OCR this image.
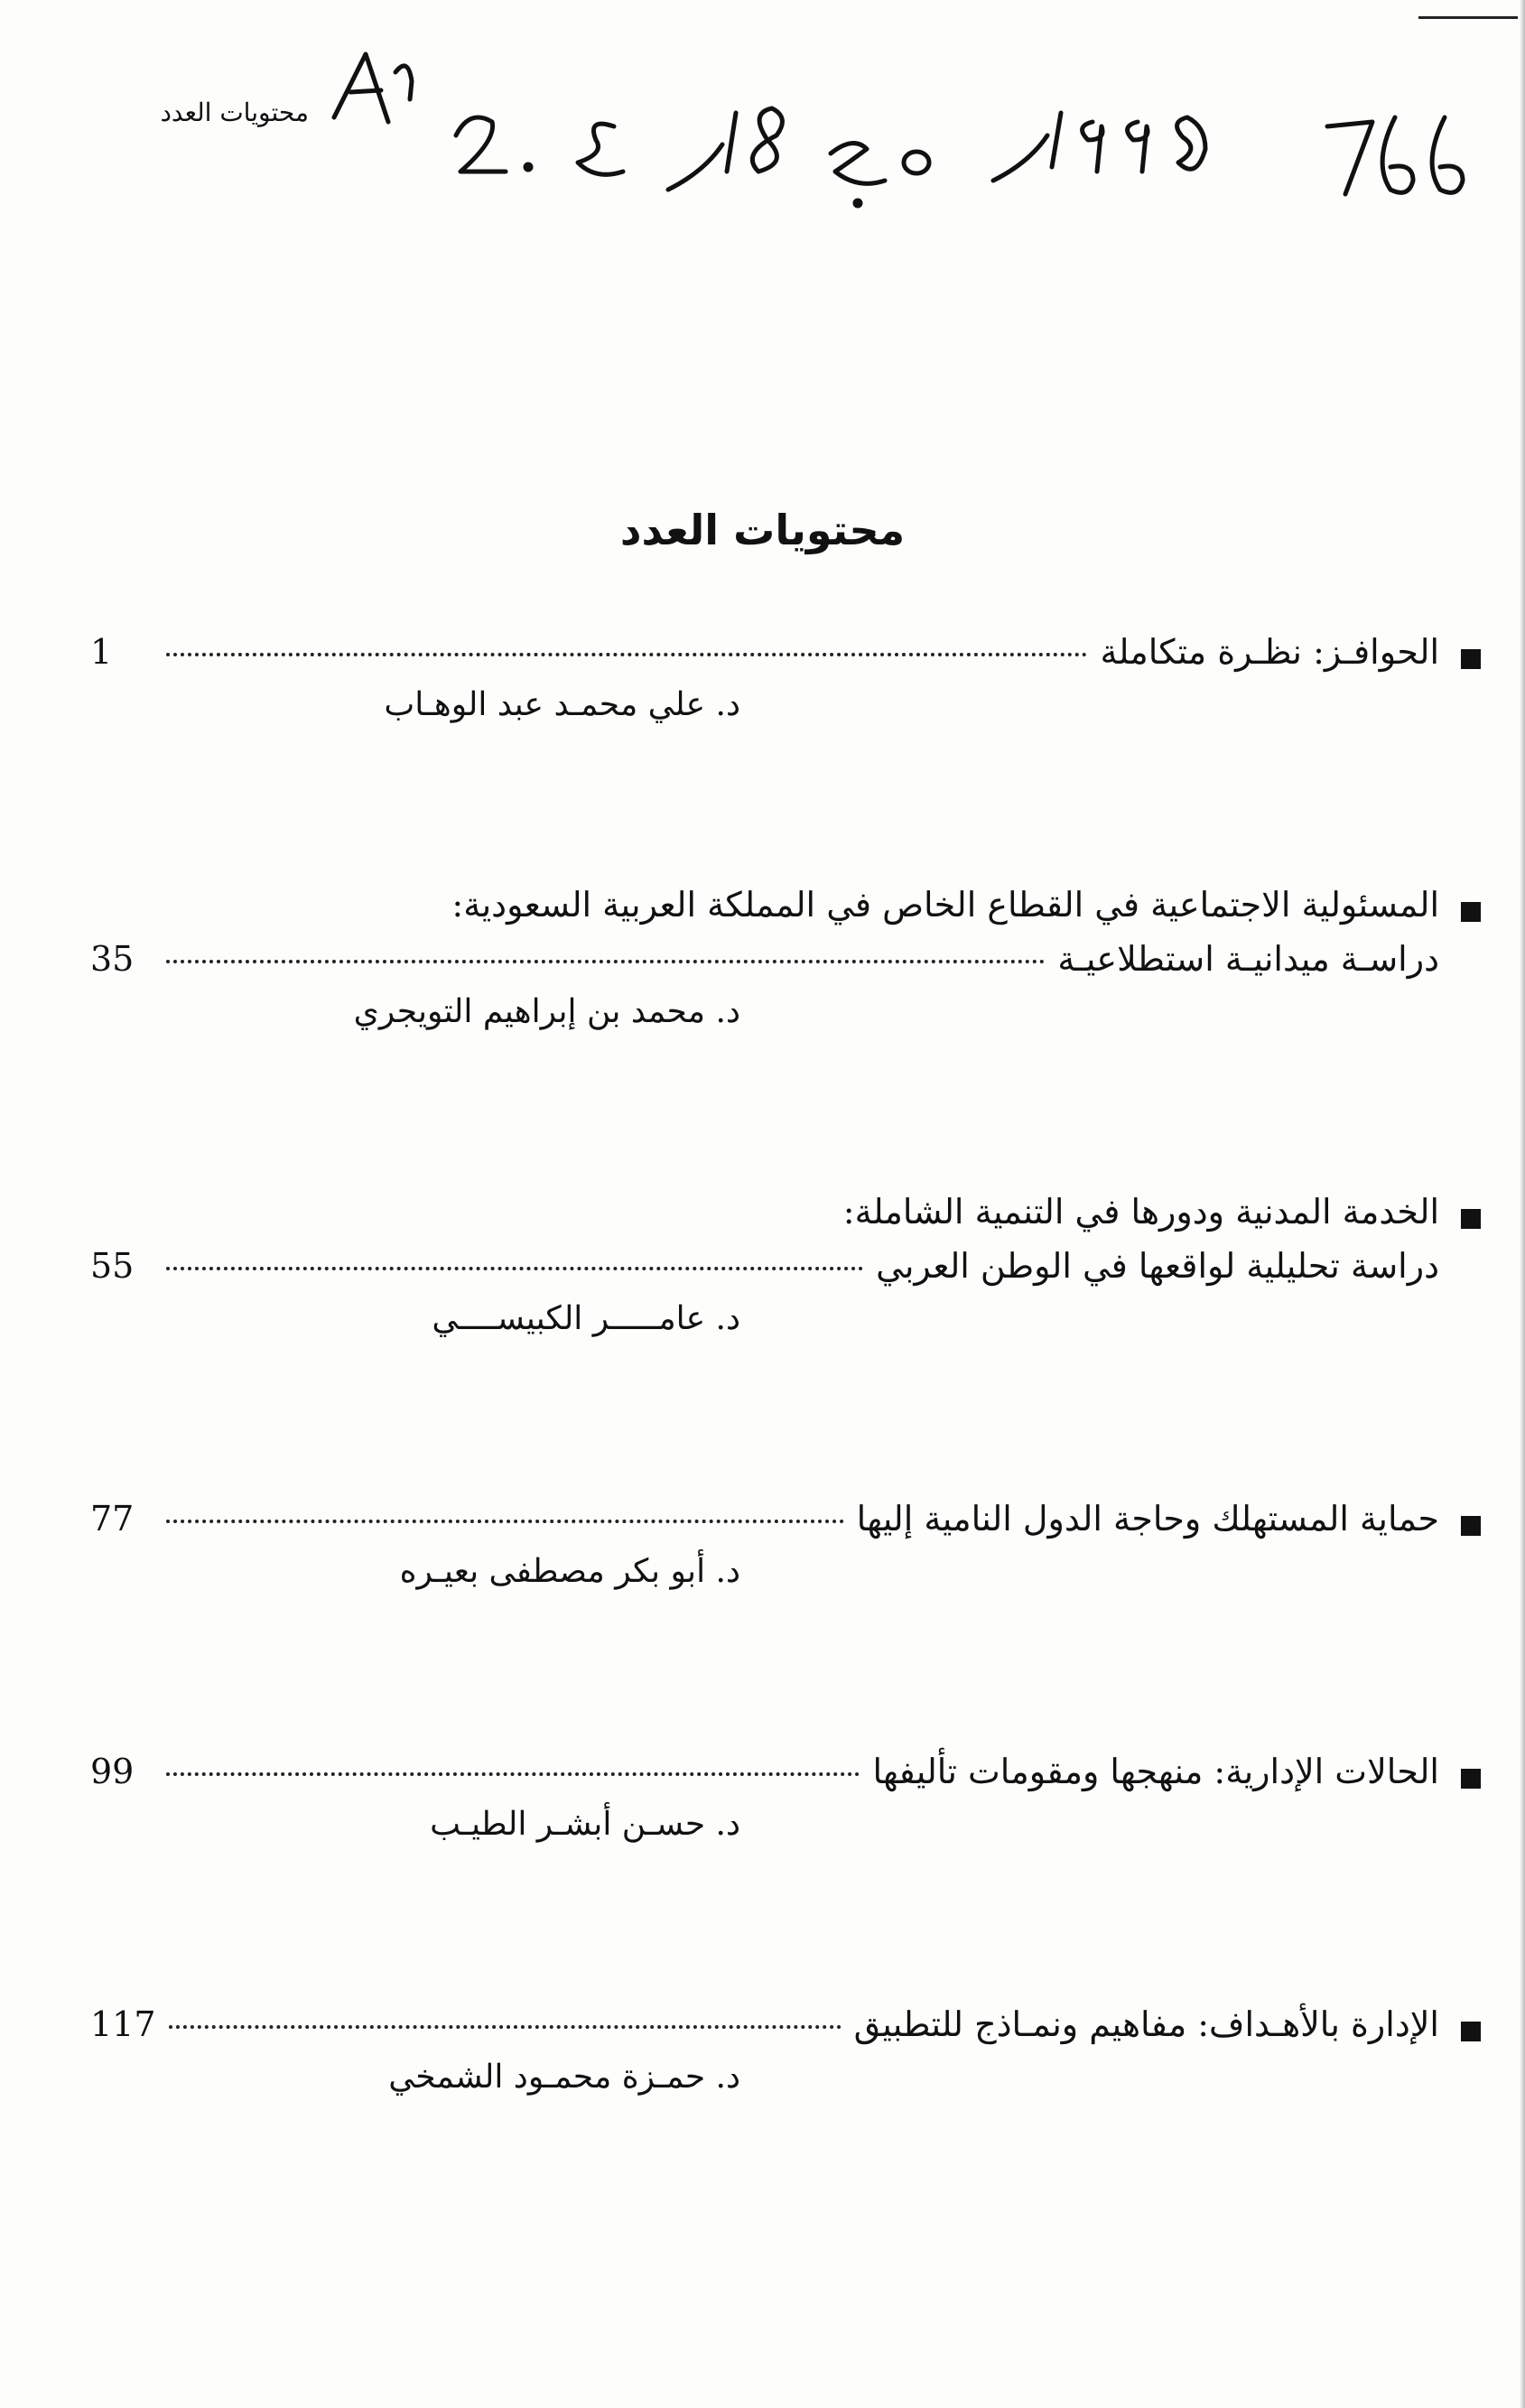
محتويات العدد
محتويات العدد
الحوافـز: نظـرة متكاملة
1
د. علي محمـد عبد الوهـاب
المسئولية الاجتماعية في القطاع الخاص في المملكة العربية السعودية:
دراسـة ميدانيـة استطلاعيـة
35
د. محمد بن إبراهيم التويجري
الخدمة المدنية ودورها في التنمية الشاملة:
دراسة تحليلية لواقعها في الوطن العربي
55
د. عامـــــر الكبيســــي
حماية المستهلك وحاجة الدول النامية إليها
77
د. أبو بكر مصطفى بعيـره
الحالات الإدارية: منهجها ومقومات تأليفها
99
د. حسـن أبشـر الطيـب
الإدارة بالأهـداف: مفاهيم ونمـاذج للتطبيق
117
د. حمـزة محمـود الشمخي
